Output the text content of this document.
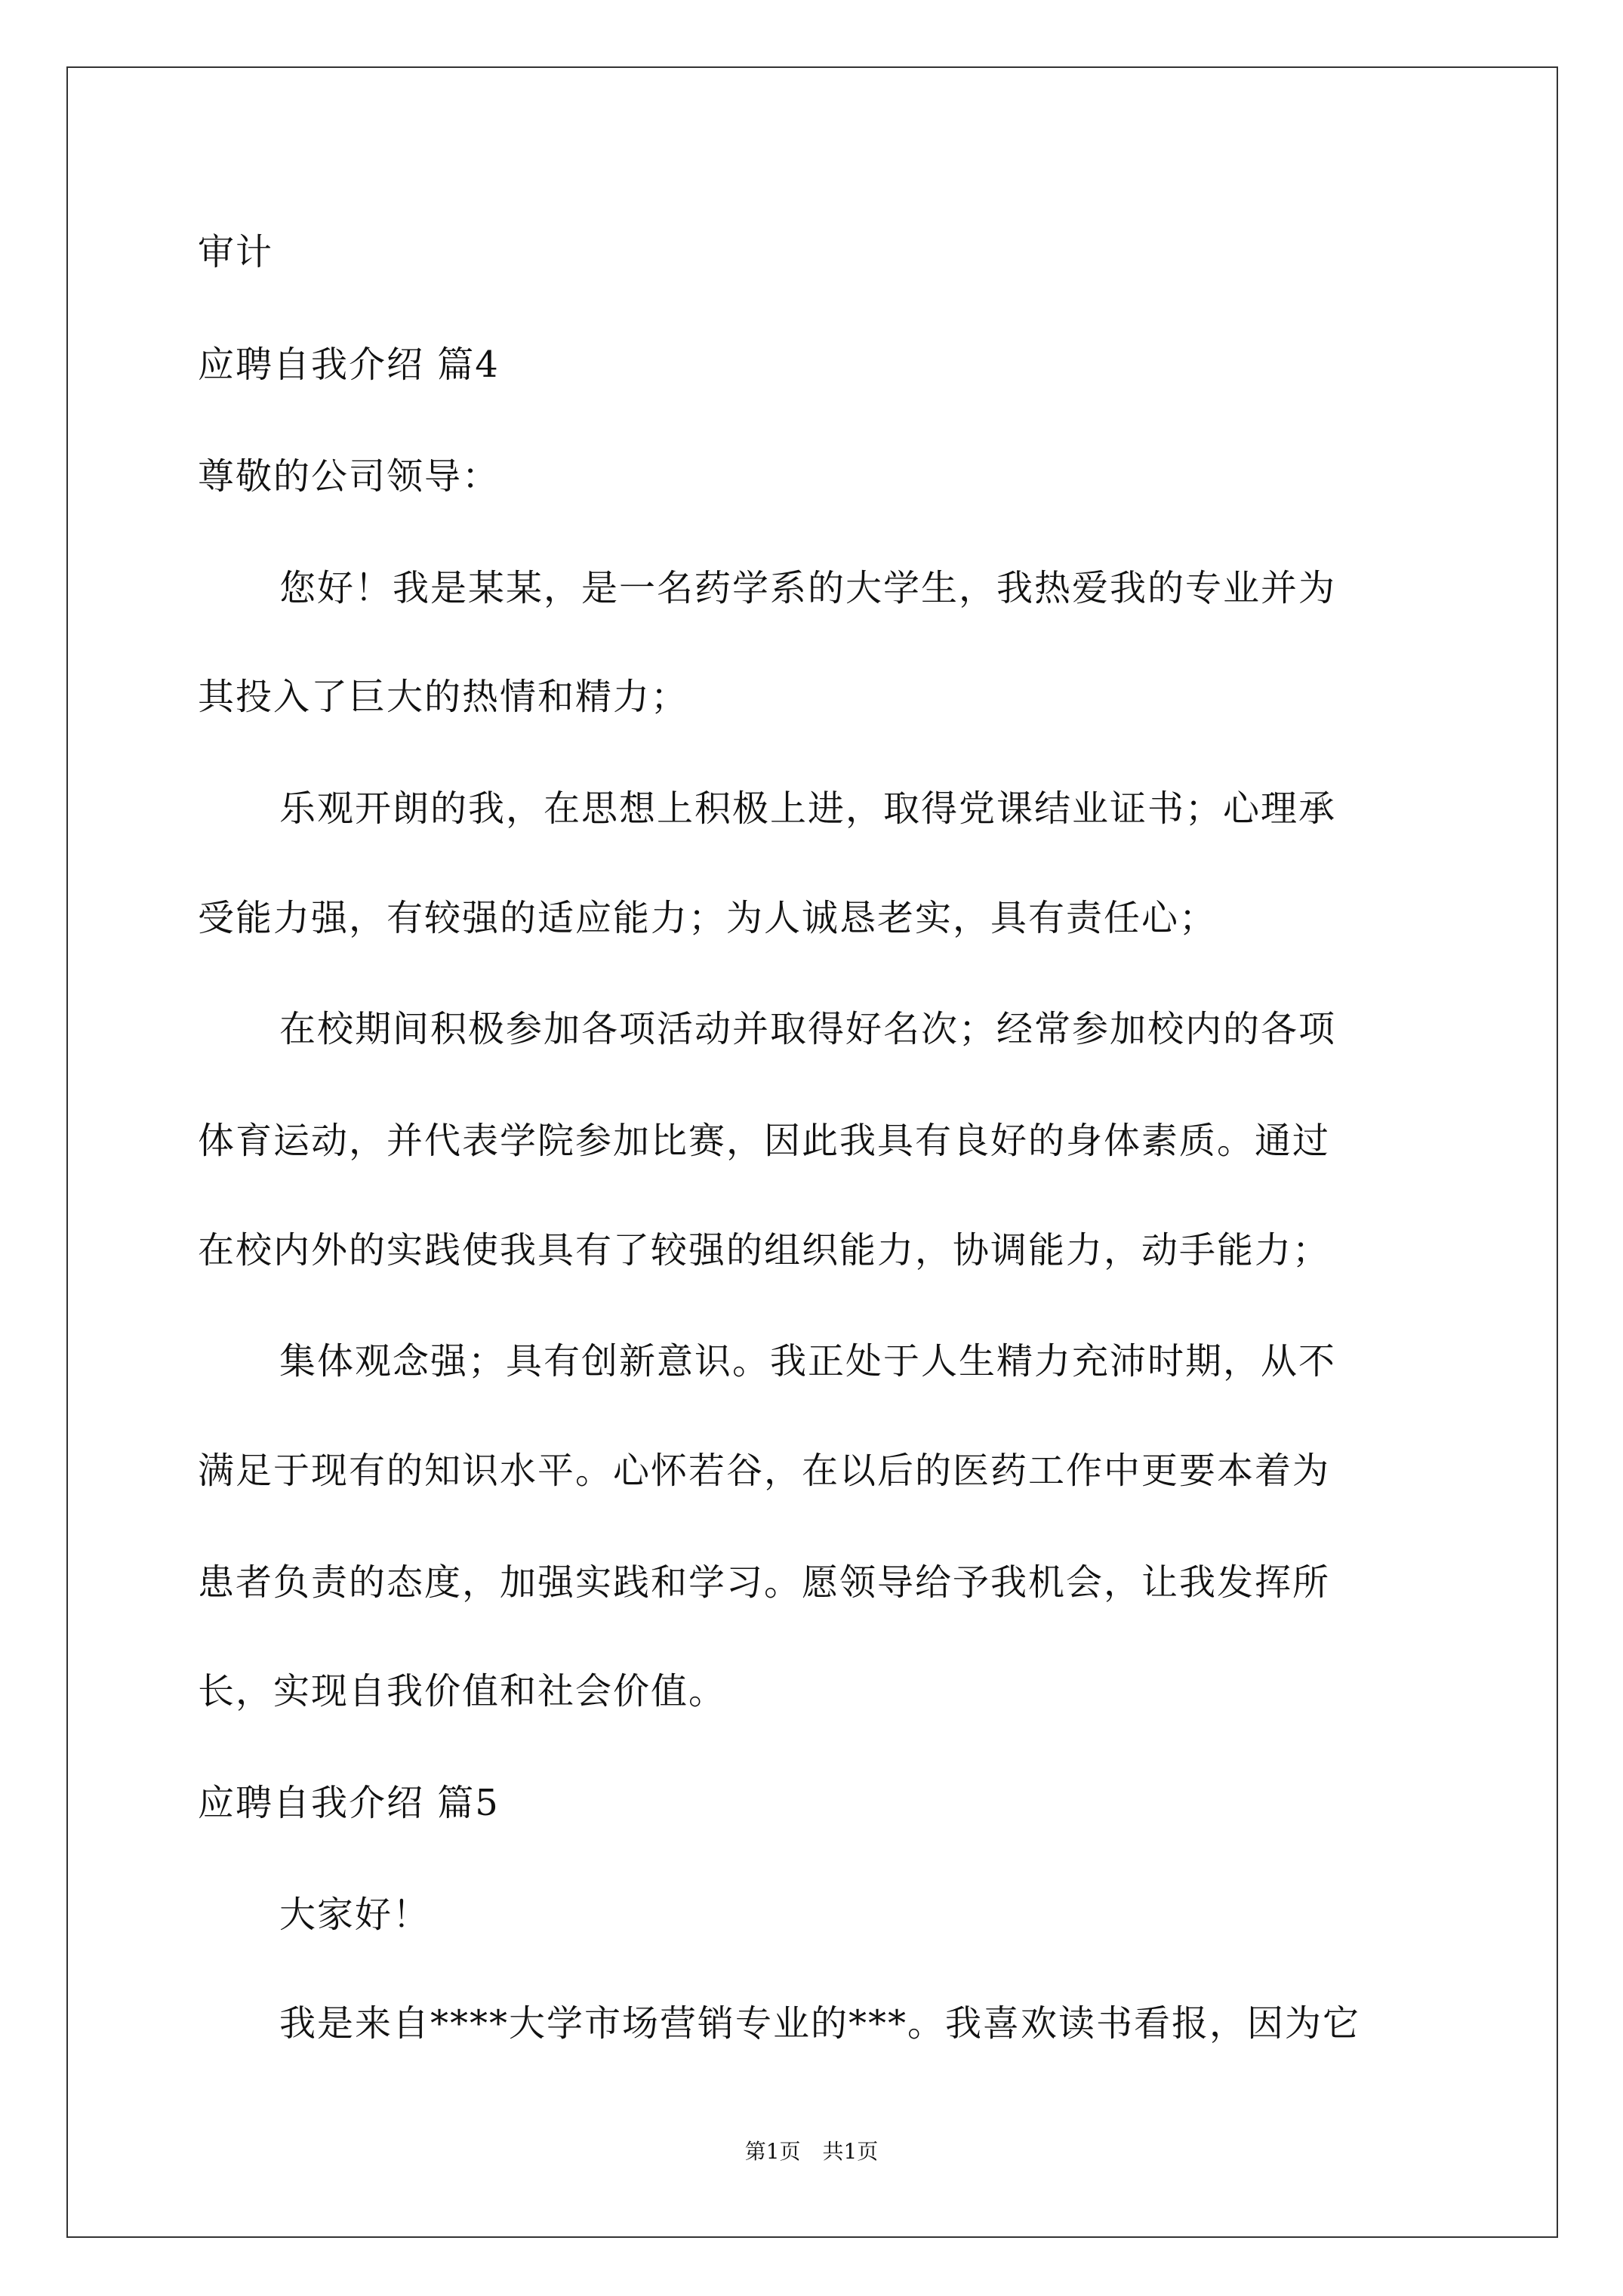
审计
应聘自我介绍 篇4
尊敬的公司领导：
您好！我是某某，是一名药学系的大学生，我热爱我的专业并为
其投入了巨大的热情和精力；
乐观开朗的我，在思想上积极上进，取得党课结业证书；心理承
受能力强，有较强的适应能力；为人诚恳老实，具有责任心；
在校期间积极参加各项活动并取得好名次；经常参加校内的各项
体育运动，并代表学院参加比赛，因此我具有良好的身体素质。通过
在校内外的实践使我具有了较强的组织能力，协调能力，动手能力；
集体观念强；具有创新意识。我正处于人生精力充沛时期，从不
满足于现有的知识水平。心怀若谷，在以后的医药工作中更要本着为
患者负责的态度，加强实践和学习。愿领导给予我机会，让我发挥所
长，实现自我价值和社会价值。
应聘自我介绍 篇5
大家好！
我是来自****大学市场营销专业的***。我喜欢读书看报，因为它
第1页 共1页
